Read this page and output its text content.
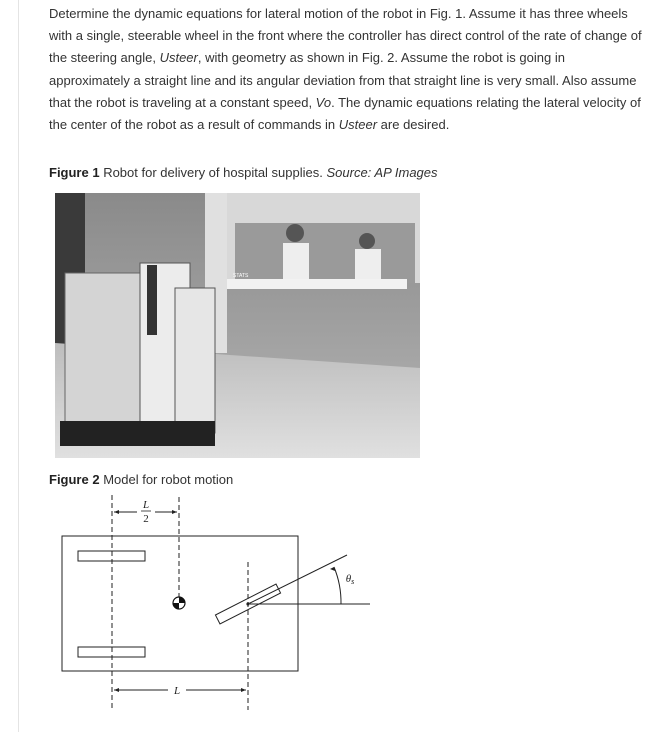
Determine the dynamic equations for lateral motion of the robot in Fig. 1. Assume it has three wheels with a single, steerable wheel in the front where the controller has direct control of the rate of change of the steering angle, Usteer, with geometry as shown in Fig. 2. Assume the robot is going in approximately a straight line and its angular deviation from that straight line is very small. Also assume that the robot is traveling at a constant speed, Vo. The dynamic equations relating the lateral velocity of the center of the robot as a result of commands in Usteer are desired.

Figure 1 Robot for delivery of hospital supplies. Source: AP Images
STATS
Figure 2 Model for robot motion
L
2
L
θs
